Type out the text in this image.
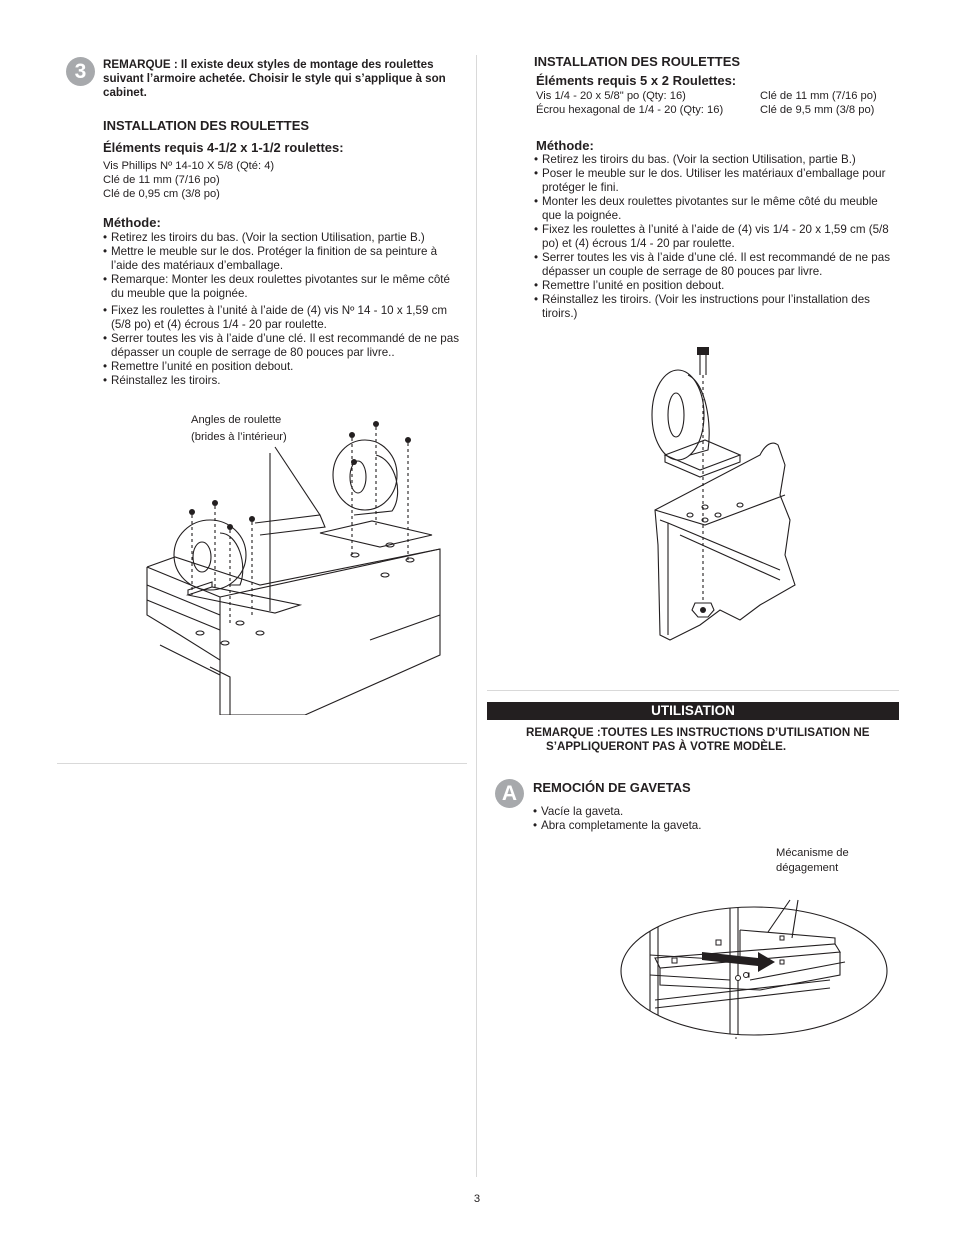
3	REMARQUE : Il existe deux styles de montage des roulettes suivant l’armoire achetée. Choisir le style qui s’applique à son cabinet.
INSTALLATION DES ROULETTES
Éléments requis 4-1/2 x 1-1/2 roulettes:
Vis Phillips Nº 14-10 X 5/8 (Qté: 4)
Clé de 11 mm (7/16 po)
Clé de 0,95 cm (3/8 po)
Méthode:
• Retirez les tiroirs du bas. (Voir la section Utilisation, partie B.)
• Mettre le meuble sur le dos. Protéger la finition de sa peinture à l’aide des matériaux d’emballage.
• Remarque: Monter les deux roulettes pivotantes sur le même côté du meuble que la poignée.
• Fixez les roulettes à l’unité à l’aide de (4) vis Nº 14 - 10 x 1,59 cm (5/8 po) et (4) écrous 1/4 - 20 par roulette.
• Serrer toutes les vis à l’aide d’une clé. Il est recommandé de ne pas dépasser un couple de serrage de 80 pouces par livre..
• Remettre l’unité en position debout.
• Réinstallez les tiroirs.
Angles de roulette
(brides à l’intérieur)
INSTALLATION DES ROULETTES
Éléments requis 5 x 2 Roulettes:
Vis 1/4 - 20 x 5/8" po (Qty: 16)
Écrou hexagonal de 1/4 - 20 (Qty: 16)
Clé de 11 mm (7/16 po)
Clé de 9,5 mm (3/8 po)
Méthode:
• Retirez les tiroirs du bas. (Voir la section Utilisation, partie B.)
• Poser le meuble sur le dos. Utiliser les matériaux d’emballage pour protéger le fini.
• Monter les deux roulettes pivotantes sur le même côté du meuble que la poignée.
• Fixez les roulettes à l’unité à l’aide de (4) vis 1/4 - 20 x 1,59 cm (5/8 po) et (4) écrous 1/4 - 20 par roulette.
• Serrer toutes les vis à l’aide d’une clé. Il est recommandé de ne pas dépasser un couple de serrage de 80 pouces par livre.
• Remettre l’unité en position debout.
• Réinstallez les tiroirs. (Voir les instructions pour l’installation des tiroirs.)
UTILISATION
REMARQUE :TOUTES LES INSTRUCTIONS D’UTILISATION NE S’APPLIQUERONT PAS À VOTRE MODÈLE.
A	REMOCIÓN DE GAVETAS
• Vacíe la gaveta.
• Abra completamente la gaveta.
Mécanisme de
dégagement
3
